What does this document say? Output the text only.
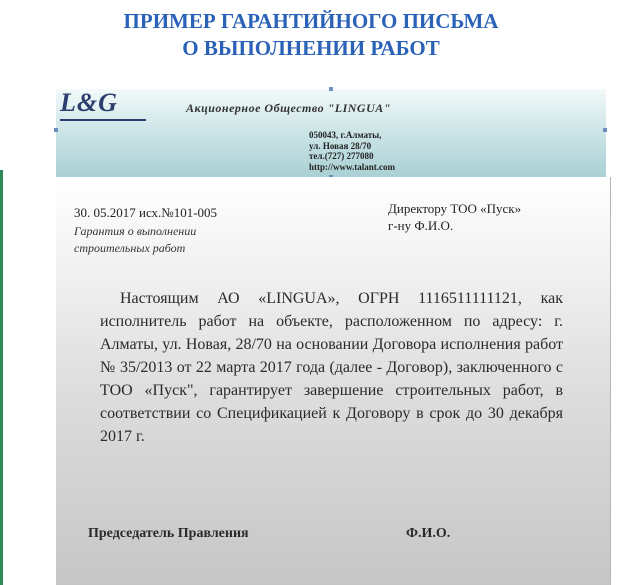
ПРИМЕР ГАРАНТИЙНОГО ПИСЬМА
О ВЫПОЛНЕНИИ РАБОТ
L&G	Акционерное Общество "LINGUA"
050043, г.Алматы,
ул. Новая 28/70
тел.(727) 277080
http://www.talant.com
30. 05.2017 исх.№101-005
Гарантия о выполнении
строительных работ
Директору ТОО «Пуск»
г-ну Ф.И.О.
Настоящим АО «LINGUA», ОГРН 1116511111121, как исполнитель работ на объекте, расположенном по адресу: г. Алматы, ул. Новая, 28/70 на основании Договора исполнения работ № 35/2013 от 22 марта 2017 года (далее - Договор), заключенного с ТОО «Пуск", гарантирует завершение строительных работ, в соответствии со Спецификацией к Договору в срок до 30 декабря 2017 г.
Председатель Правления	Ф.И.О.
